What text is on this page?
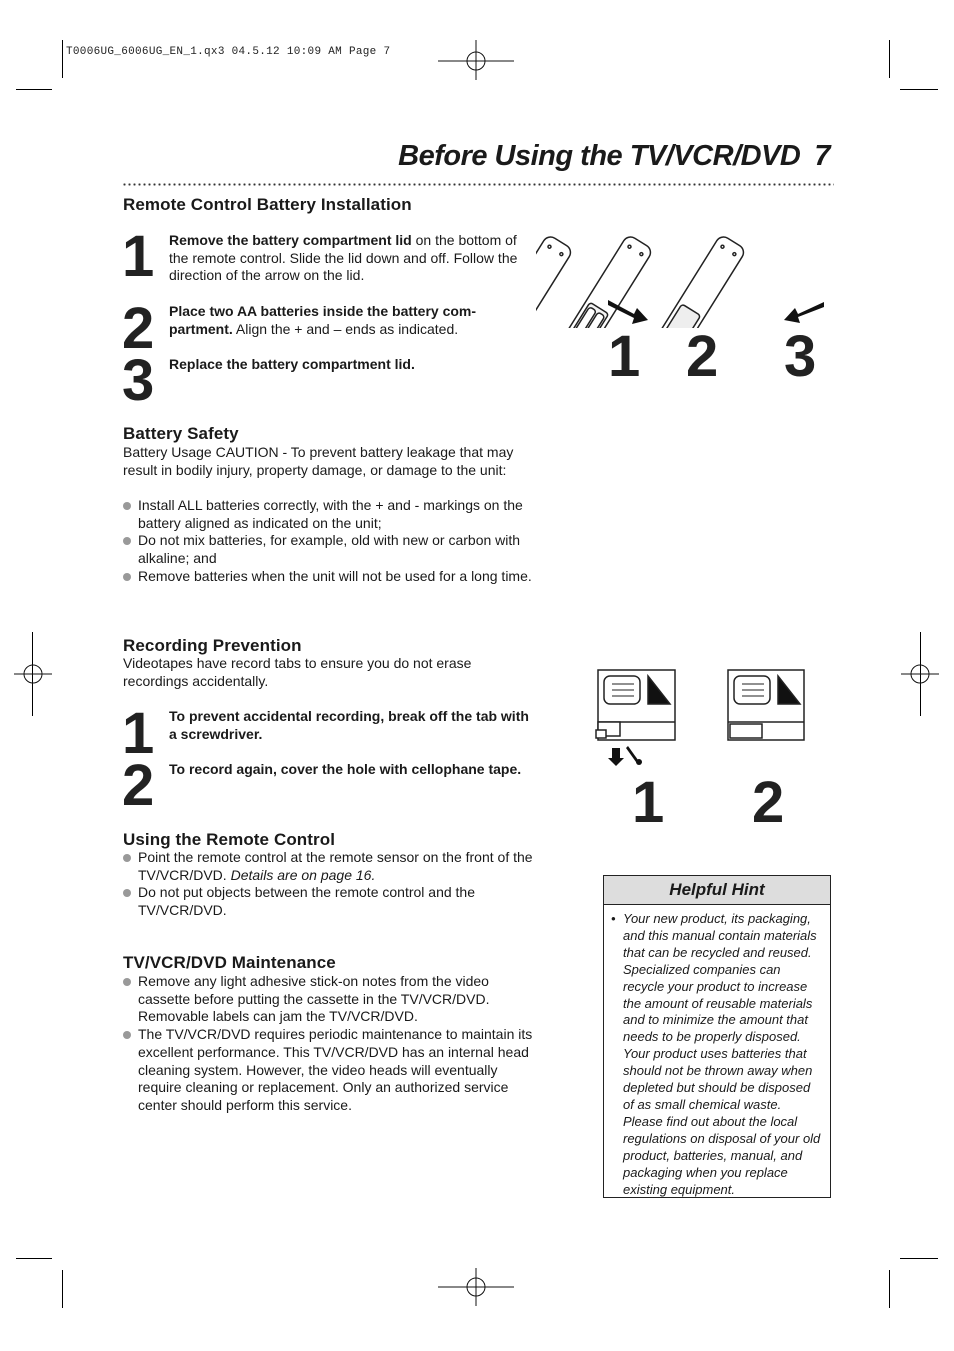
T0006UG_6006UG_EN_1.qx3 04.5.12 10:09 AM Page 7
Before Using the TV/VCR/DVD 7
Remote Control Battery Installation
1 Remove the battery compartment lid on the bottom of the remote control. Slide the lid down and off. Follow the direction of the arrow on the lid.
2 Place two AA batteries inside the battery compartment. Align the + and – ends as indicated.
3 Replace the battery compartment lid.	1 2 3
Battery Safety
Battery Usage CAUTION - To prevent battery leakage that may result in bodily injury, property damage, or damage to the unit:
Install ALL batteries correctly, with the + and - markings on the battery aligned as indicated on the unit;
Do not mix batteries, for example, old with new or carbon with alkaline; and
Remove batteries when the unit will not be used for a long time.
Recording Prevention
Videotapes have record tabs to ensure you do not erase recordings accidentally.
1 To prevent accidental recording, break off the tab with a screwdriver.
2 To record again, cover the hole with cellophane tape.
1 2
Using the Remote Control
Point the remote control at the remote sensor on the front of the TV/VCR/DVD. Details are on page 16.
Do not put objects between the remote control and the TV/VCR/DVD.
TV/VCR/DVD Maintenance
Remove any light adhesive stick-on notes from the video cassette before putting the cassette in the TV/VCR/DVD. Removable labels can jam the TV/VCR/DVD.
The TV/VCR/DVD requires periodic maintenance to maintain its excellent performance. This TV/VCR/DVD has an internal head cleaning system. However, the video heads will eventually require cleaning or replacement. Only an authorized service center should perform this service.
Helpful Hint
• Your new product, its packaging, and this manual contain materials that can be recycled and reused. Specialized companies can recycle your product to increase the amount of reusable materials and to minimize the amount that needs to be properly disposed. Your product uses batteries that should not be thrown away when depleted but should be disposed of as small chemical waste. Please find out about the local regulations on disposal of your old product, batteries, manual, and packaging when you replace existing equipment.
